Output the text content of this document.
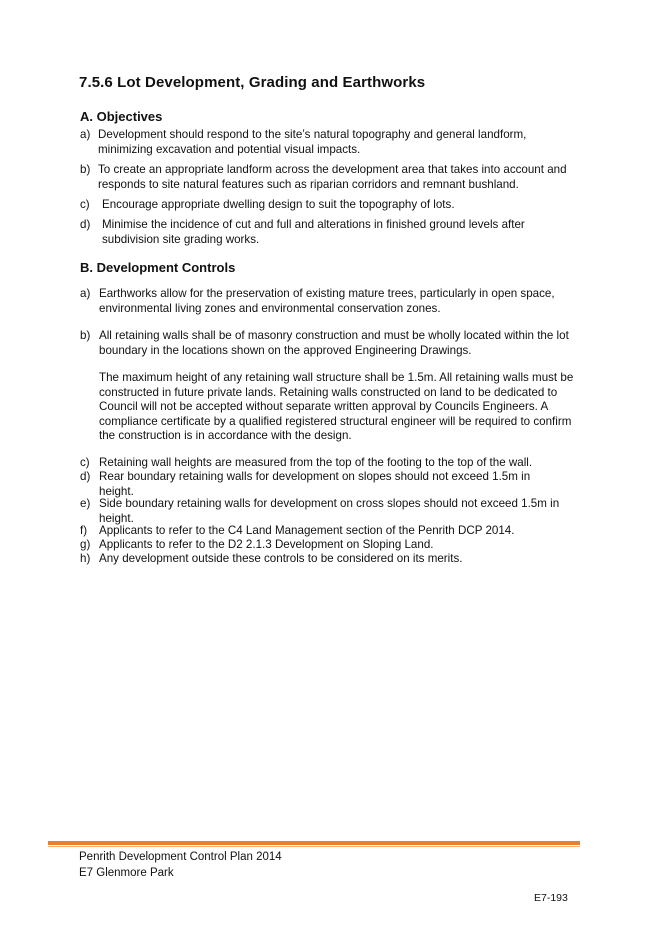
7.5.6 Lot Development, Grading and Earthworks
A. Objectives
a) Development should respond to the site’s natural topography and general landform, minimizing excavation and potential visual impacts.
b) To create an appropriate landform across the development area that takes into account and responds to site natural features such as riparian corridors and remnant bushland.
c)	Encourage appropriate dwelling design to suit the topography of lots.
d)	Minimise the incidence of cut and full and alterations in finished ground levels after subdivision site grading works.
B. Development Controls
a) Earthworks allow for the preservation of existing mature trees, particularly in open space, environmental living zones and environmental conservation zones.
b) All retaining walls shall be of masonry construction and must be wholly located within the lot boundary in the locations shown on the approved Engineering Drawings.
The maximum height of any retaining wall structure shall be 1.5m. All retaining walls must be constructed in future private lands. Retaining walls constructed on land to be dedicated to Council will not be accepted without separate written approval by Councils Engineers. A compliance certificate by a qualified registered structural engineer will be required to confirm the construction is in accordance with the design.
c) Retaining wall heights are measured from the top of the footing to the top of the wall.
d) Rear boundary retaining walls for development on slopes should not exceed 1.5m in height.
e) Side boundary retaining walls for development on cross slopes should not exceed 1.5m in height.
f)	Applicants to refer to the C4 Land Management section of the Penrith DCP 2014.
g) Applicants to refer to the D2 2.1.3 Development on Sloping Land.
h) Any development outside these controls to be considered on its merits.
Penrith Development Control Plan 2014
E7 Glenmore Park
E7-193
